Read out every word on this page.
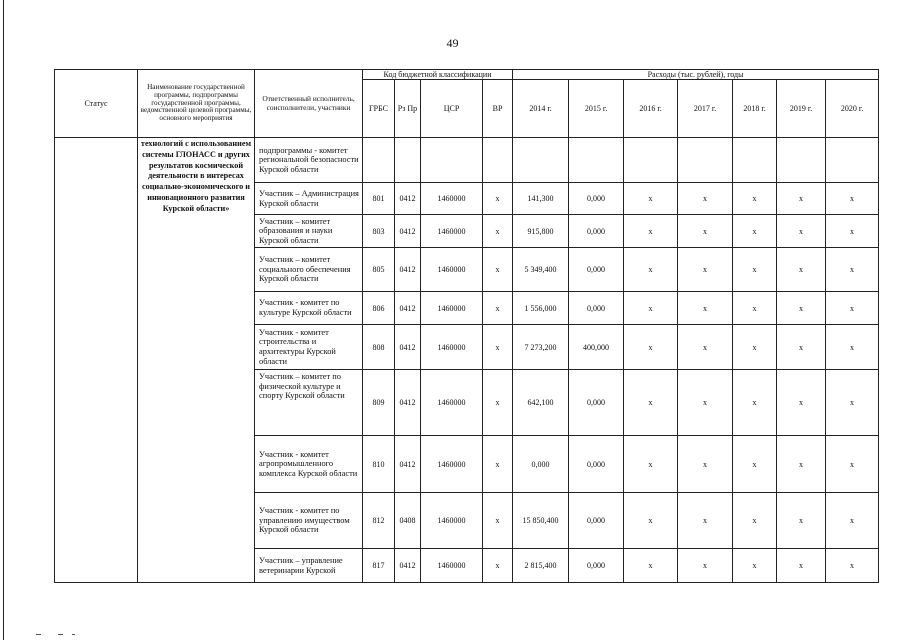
49
Статус	Наименование государственной программы, подпрограммы государственной программы, ведомственной целевой программы, основного мероприятия	Ответственный исполнитель, соисполнители, участники	Код бюджетной классификации				Расходы (тыс. рублей), годы						
			ГРБС	Рз Пр	ЦСР	ВР	2014 г.	2015 г.	2016 г.	2017 г.	2018 г.	2019 г.	2020 г.
	технологий с использованием системы ГЛОНАСС и других результатов космической деятельности в интересах социально-экономического и инновационного развития Курской области»	подпрограммы - комитет региональной безопасности Курской области											
		Участник – Администрация Курской области	801	0412	1460000	x	141,300	0,000	x	x	x	x	x
		Участник – комитет образования и науки Курской области	803	0412	1460000	x	915,800	0,000	x	x	x	x	x
		Участник – комитет социального обеспечения Курской области	805	0412	1460000	x	5 349,400	0,000	x	x	x	x	x
		Участник - комитет по культуре Курской области	806	0412	1460000	x	1 556,000	0,000	x	x	x	x	x
		Участник - комитет строительства и архитектуры Курской области	808	0412	1460000	x	7 273,200	400,000	x	x	x	x	x
		Участник – комитет по физической культуре и спорту Курской области	809	0412	1460000	x	642,100	0,000	x	x	x	x	x
		Участник - комитет агропромышленного комплекса Курской области	810	0412	1460000	x	0,000	0,000	x	x	x	x	x
		Участник - комитет по управлению имуществом Курской области	812	0408	1460000	x	15 850,400	0,000	x	x	x	x	x
		Участник – управление ветеринарии Курской	817	0412	1460000	x	2 815,400	0,000	x	x	x	x	x
